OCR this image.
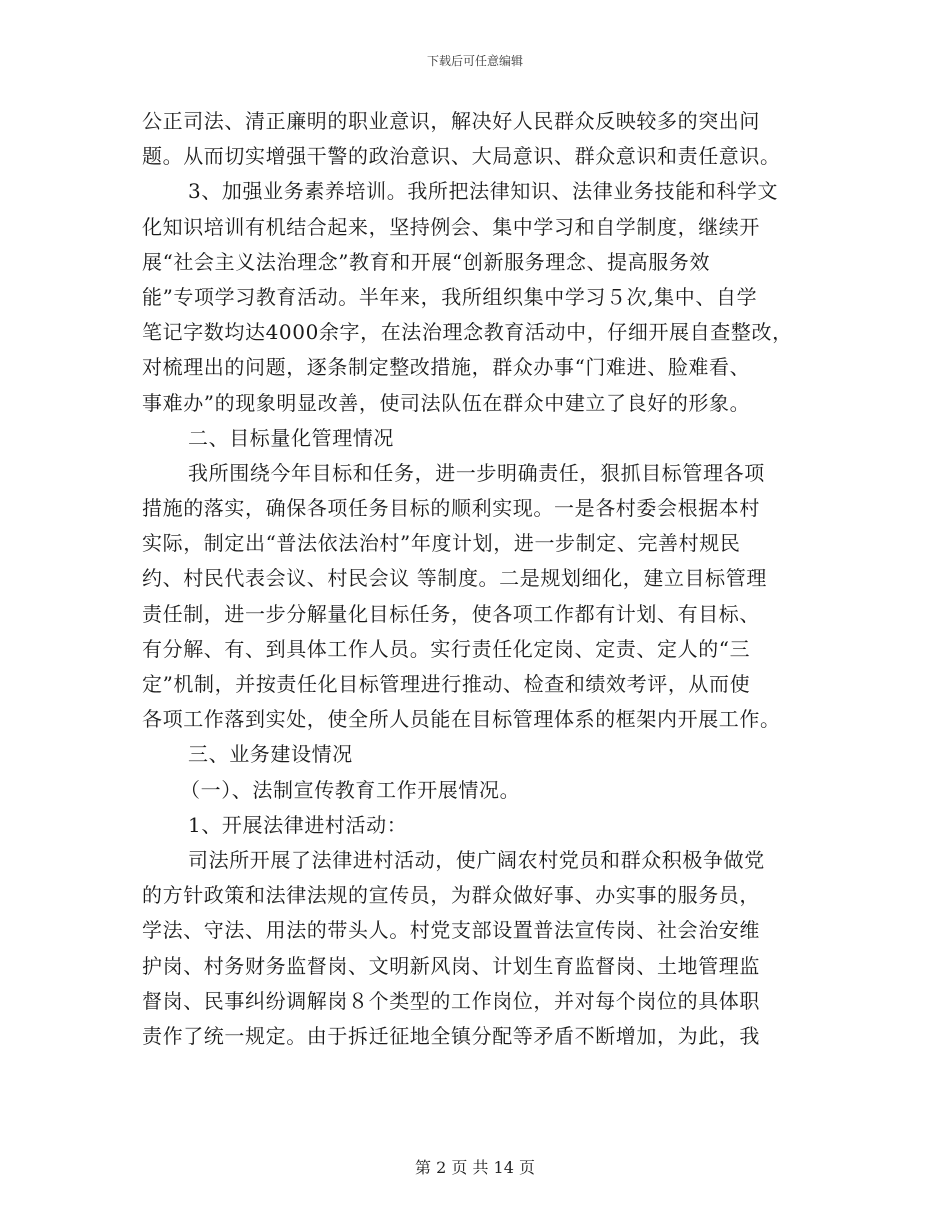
下载后可任意编辑
公正司法、清正廉明的职业意识，解决好人民群众反映较多的突出问
题。从而切实增强干警的政治意识、大局意识、群众意识和责任意识。
3、加强业务素养培训。我所把法律知识、法律业务技能和科学文
化知识培训有机结合起来，坚持例会、集中学习和自学制度，继续开
展“社会主义法治理念”教育和开展“创新服务理念、提高服务效
能”专项学习教育活动。半年来，我所组织集中学习５次,集中、自学
笔记字数均达4000余字，在法治理念教育活动中，仔细开展自查整改，
对梳理出的问题，逐条制定整改措施，群众办事“门难进、脸难看、
事难办”的现象明显改善，使司法队伍在群众中建立了良好的形象。
二、目标量化管理情况
我所围绕今年目标和任务，进一步明确责任，狠抓目标管理各项
措施的落实，确保各项任务目标的顺利实现。一是各村委会根据本村
实际，制定出“普法依法治村”年度计划，进一步制定、完善村规民
约、村民代表会议、村民会议 等制度。二是规划细化，建立目标管理
责任制，进一步分解量化目标任务，使各项工作都有计划、有目标、
有分解、有、到具体工作人员。实行责任化定岗、定责、定人的“三
定”机制，并按责任化目标管理进行推动、检查和绩效考评，从而使
各项工作落到实处，使全所人员能在目标管理体系的框架内开展工作。
三、业务建设情况
（一）、法制宣传教育工作开展情况。
1、开展法律进村活动：
司法所开展了法律进村活动，使广阔农村党员和群众积极争做党
的方针政策和法律法规的宣传员，为群众做好事、办实事的服务员，
学法、守法、用法的带头人。村党支部设置普法宣传岗、社会治安维
护岗、村务财务监督岗、文明新风岗、计划生育监督岗、土地管理监
督岗、民事纠纷调解岗８个类型的工作岗位，并对每个岗位的具体职
责作了统一规定。由于拆迁征地全镇分配等矛盾不断增加，为此，我
第 2 页 共 14 页
